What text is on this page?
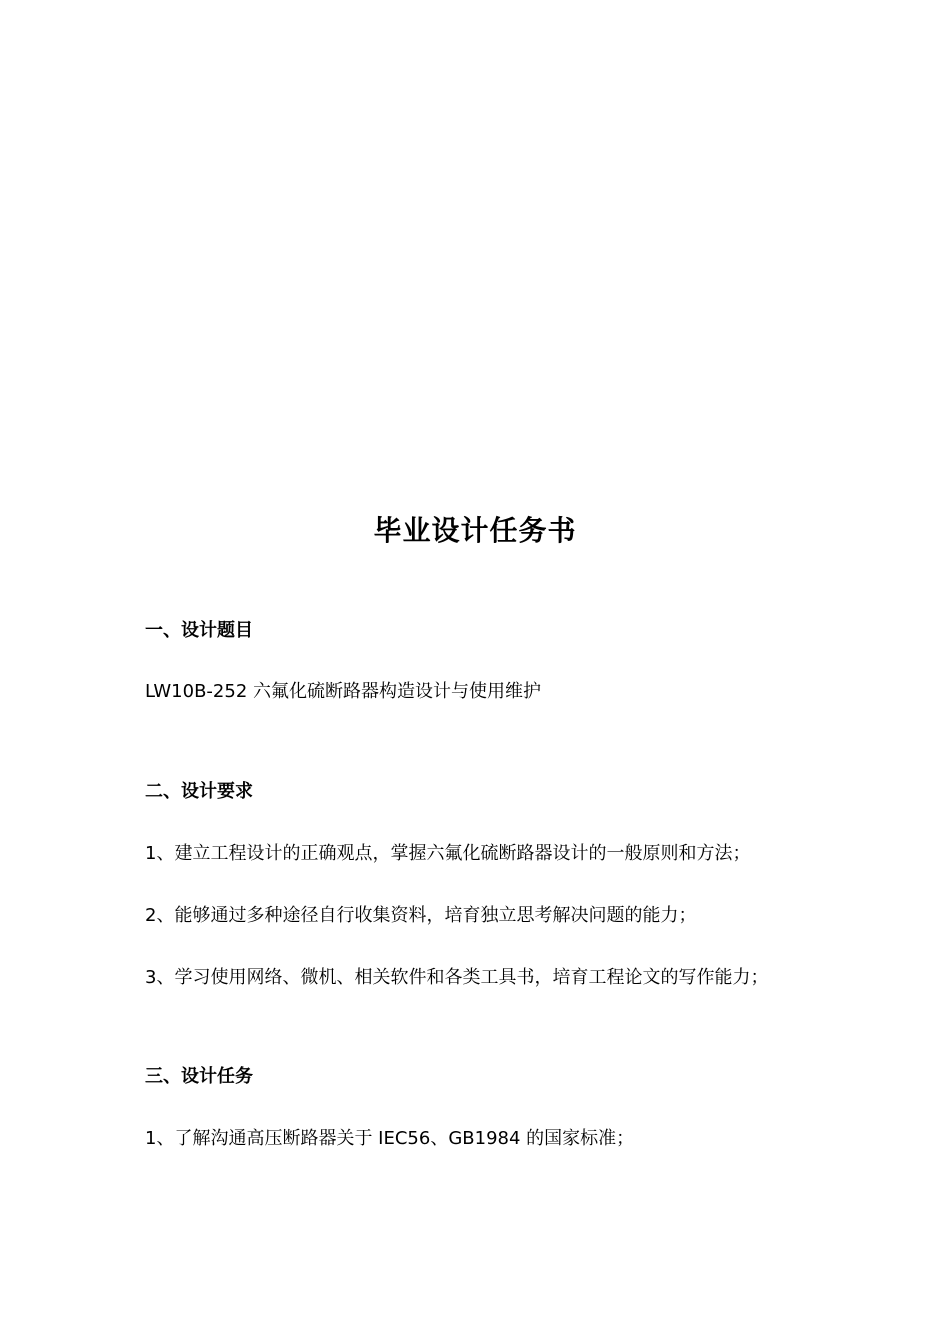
毕业设计任务书
一、设计题目
LW10B-252 六氟化硫断路器构造设计与使用维护
二、设计要求
1、建立工程设计的正确观点，掌握六氟化硫断路器设计的一般原则和方法；
2、能够通过多种途径自行收集资料，培育独立思考解决问题的能力；
3、学习使用网络、微机、相关软件和各类工具书，培育工程论文的写作能力；
三、设计任务
1、了解沟通高压断路器关于 IEC56、GB1984 的国家标准；
